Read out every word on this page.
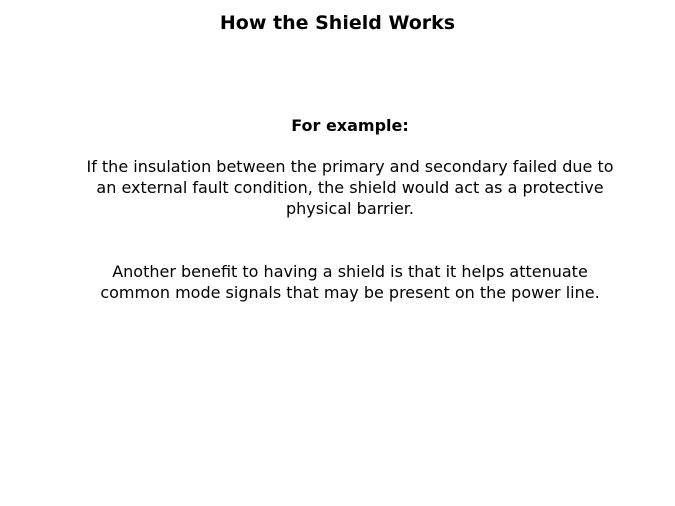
How the Shield Works
For example:
If the insulation between the primary and secondary failed due to an external fault condition, the shield would act as a protective physical barrier.
Another benefit to having a shield is that it helps attenuate common mode signals that may be present on the power line.
